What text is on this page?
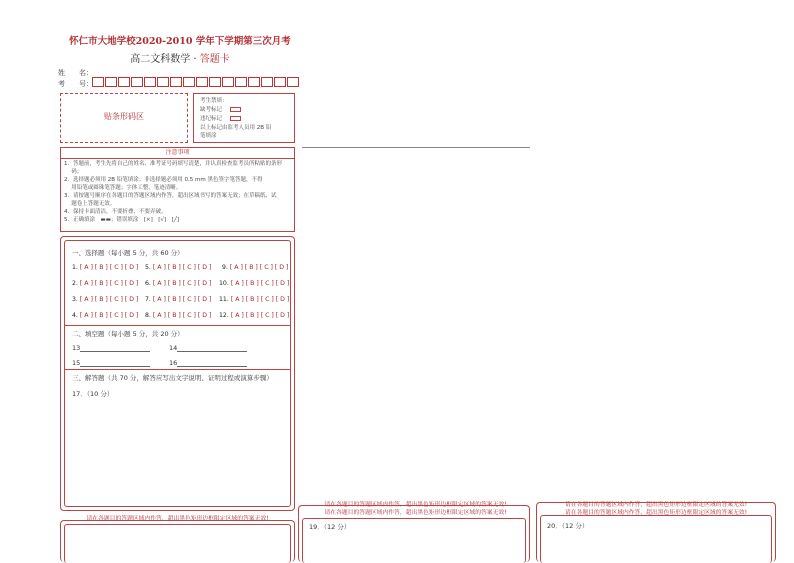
怀仁市大地学校2020-2010 学年下学期第三次月考
高二文科数学 · 答题卡
姓　　名：
考　　号：
贴条形码区
考生禁填：
缺考标记
违纪标记
以上标记由监考人员用 2B 铅
笔填涂
注意事项
1．答题前，考生先将自己的姓名、准考证号码填写清楚，并认真检查监考员所粘贴的条形
　 码；
2．选择题必须用 2B 铅笔填涂；非选择题必须用 0.5 mm 黑色签字笔答题，不得
　 用铅笔或圆珠笔答题；字体工整、笔迹清晰。
3．请按题号顺序在各题目的答题区域内作答，超出区域书写的答案无效；在草稿纸、试
　 题卷上答题无效。
4．保持卡面清洁，不要折叠、不要弄破。
5．正确填涂　▬▬；错误填涂　[×]　[√]　[╱]
一、选择题（每小题 5 分，共 60 分）
1. [ A ] [ B ] [ C ] [ D ] 5. [ A ] [ B ] [ C ] [ D ] 9. [ A ] [ B ] [ C ] [ D ]
2. [ A ] [ B ] [ C ] [ D ] 6. [ A ] [ B ] [ C ] [ D ] 10. [ A ] [ B ] [ C ] [ D ]
3. [ A ] [ B ] [ C ] [ D ] 7. [ A ] [ B ] [ C ] [ D ] 11. [ A ] [ B ] [ C ] [ D ]
4. [ A ] [ B ] [ C ] [ D ] 8. [ A ] [ B ] [ C ] [ D ] 12. [ A ] [ B ] [ C ] [ D ]
二、填空题（每小题 5 分，共 20 分）
13	14
15	16
三、解答题（共 70 分，解答应写出文字说明、证明过程或演算步骤）
17．（10 分）
请在各题目的答题区域内作答，超出黑色矩形边框限定区域的答案无效!
请在各题目的答题区域内作答，超出黑色矩形边框限定区域的答案无效!
请在各题目的答题区域内作答，超出黑色矩形边框限定区域的答案无效!
19．（12 分）
请在各题目的答题区域内作答，超出黑色矩形边框限定区域的答案无效!
请在各题目的答题区域内作答，超出黑色矩形边框限定区域的答案无效!
20．（12 分）
